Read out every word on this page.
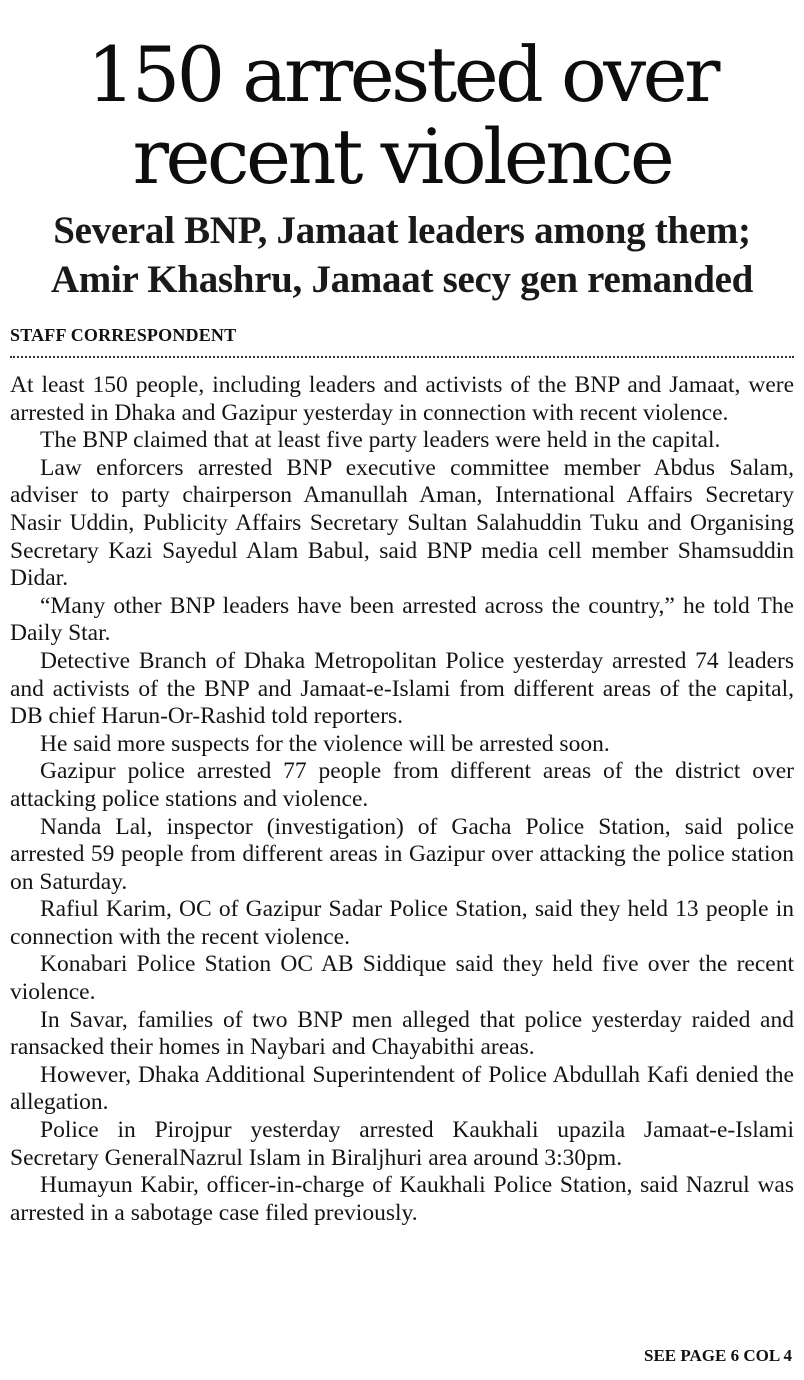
150 arrested over
recent violence
Several BNP, Jamaat leaders among them;
Amir Khashru, Jamaat secy gen remanded
STAFF CORRESPONDENT

At least 150 people, including leaders and activists of the BNP and Jamaat, were arrested in Dhaka and Gazipur yesterday in connection with recent violence.

The BNP claimed that at least five party leaders were held in the capital.

Law enforcers arrested BNP executive committee member Abdus Salam, adviser to party chairperson Amanullah Aman, International Affairs Secretary Nasir Uddin, Publicity Affairs Secretary Sultan Salahuddin Tuku and Organising Secretary Kazi Sayedul Alam Babul, said BNP media cell member Shamsuddin Didar.

“Many other BNP leaders have been arrested across the country,” he told The Daily Star.

Detective Branch of Dhaka Metropolitan Police yesterday arrested 74 leaders and activists of the BNP and Jamaat-e-Islami from different areas of the capital, DB chief Harun-Or-Rashid told reporters.

He said more suspects for the violence will be arrested soon.

Gazipur police arrested 77 people from different areas of the district over attacking police stations and violence.

Nanda Lal, inspector (investigation) of Gacha Police Station, said police arrested 59 people from different areas in Gazipur over attacking the police station on Saturday.

Rafiul Karim, OC of Gazipur Sadar Police Station, said they held 13 people in connection with the recent violence.

Konabari Police Station OC AB Siddique said they held five over the recent violence.

In Savar, families of two BNP men alleged that police yesterday raided and ransacked their homes in Naybari and Chayabithi areas.

However, Dhaka Additional Superintendent of Police Abdullah Kafi denied the allegation.

Police in Pirojpur yesterday arrested Kaukhali upazila Jamaat-e-Islami Secretary GeneralNazrul Islam in Biraljhuri area around 3:30pm.

Humayun Kabir, officer-in-charge of Kaukhali Police Station, said Nazrul was arrested in a sabotage case filed previously.

SEE PAGE 6 COL 4
